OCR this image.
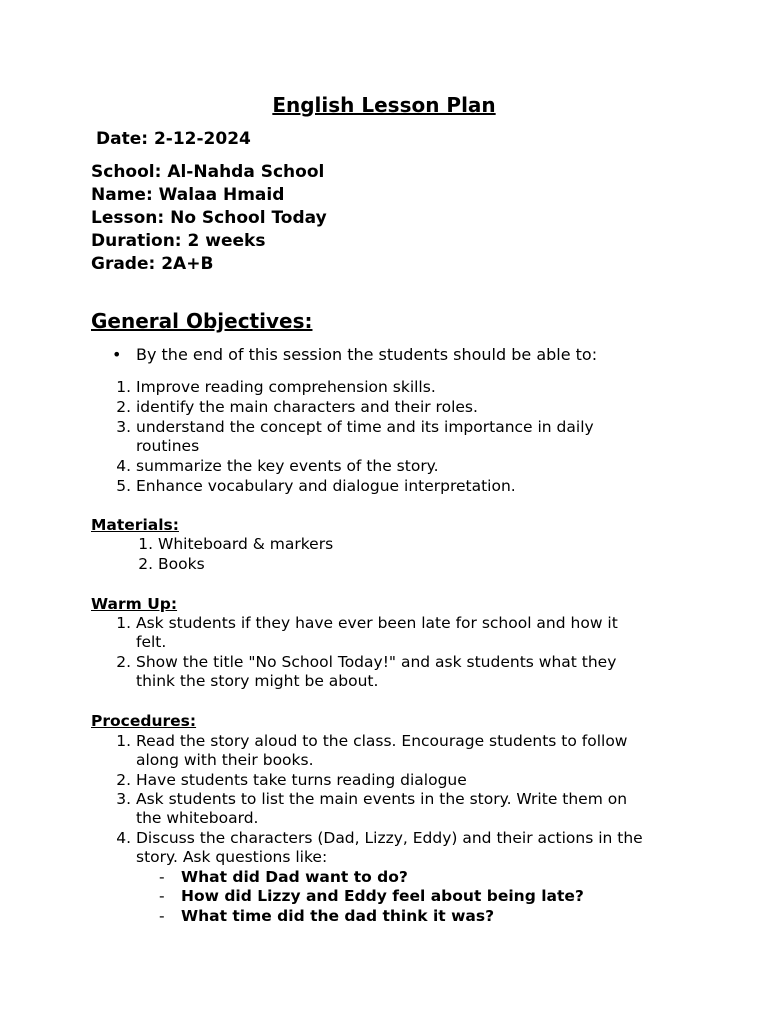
English Lesson Plan

Date: 2-12-2024

School: Al-Nahda School
Name: Walaa Hmaid
Lesson: No School Today
Duration: 2 weeks
Grade: 2A+B
General Objectives:
• By the end of this session the students should be able to:
1. Improve reading comprehension skills.
2. identify the main characters and their roles.
3. understand the concept of time and its importance in daily
routines
4. summarize the key events of the story.
5. Enhance vocabulary and dialogue interpretation.

Materials:

1. Whiteboard & markers
2. Books

Warm Up:

1. Ask students if they have ever been late for school and how it
felt.
2. Show the title "No School Today!" and ask students what they
think the story might be about.

Procedures:

1. Read the story aloud to the class. Encourage students to follow
along with their books.
2. Have students take turns reading dialogue
3. Ask students to list the main events in the story. Write them on
the whiteboard.
4. Discuss the characters (Dad, Lizzy, Eddy) and their actions in the
story. Ask questions like:
- What did Dad want to do?
- How did Lizzy and Eddy feel about being late?
- What time did the dad think it was?
